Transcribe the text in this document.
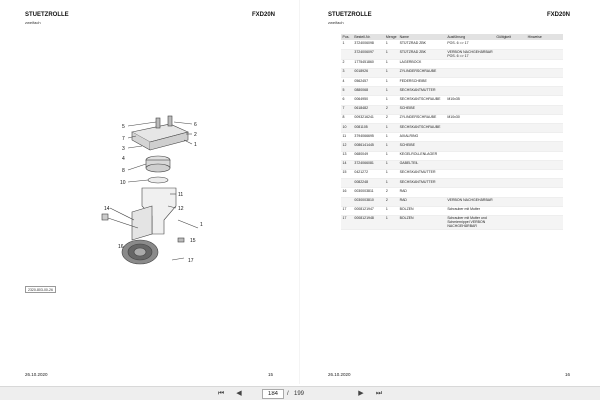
STUETZROLLE
zweifach
FXD20N
5	6
7
3
2
1
8
10
4
11
12
14
1
15
16
17
2320-803-00-26
26.10.2020	15
STUETZROLLE
zweifach
FXD20N
Pos.	Bestell-Nr.	Menge	Name	Ausführung	Gültigkeit	Hinweise
1	3724006098	1	STÜTZRAD ZBK	POS. 6 => 17		
	3724006097	1	STÜTZRAD ZBK	VERBON NACHGEHÄRBAR POS. 6 => 17		
2	1775451860	1	LAGERBOCK			
3	0018926	1	ZYLINDERSCHRAUBE			
4	0562457	1	FEDERSCHEIBE			
5	0880068	1	SECHSKANTMUTTER			
6	0064950	1	SECHSKANTSCHRAUBE	M10x35		
7	0618482	2	SCHEIBE			
8	0093216241	2	ZYLINDERSCHRAUBE	M10x30		
10	0081105	1	SECHSKANTSCHRAUBE			
11	3794066695	1	AXIALRING			
12	0086141445	1	SCHEIBE			
13	0680049	1	KEGELROLLENLAGER			
14	3724066081	1	GABELTEIL			
15	0421272	1	SECHSKANTMUTTER			
	0082248	1	SECHSKANTMUTTER			
16	0030003811	2	RAD			
	0030003810	2	RAD	VERBON NACHGEHÄRBAR		
17	0008121947	1	BOLZEN	Schrauber mit Mutter		
17	0008121948	1	BOLZEN	Schrauber mit Mutter und Schmiernippel VERBON NACHGEHÄRBAR		
26.10.2020	16
⏮	◀
184	/ 199	▶	⏭
